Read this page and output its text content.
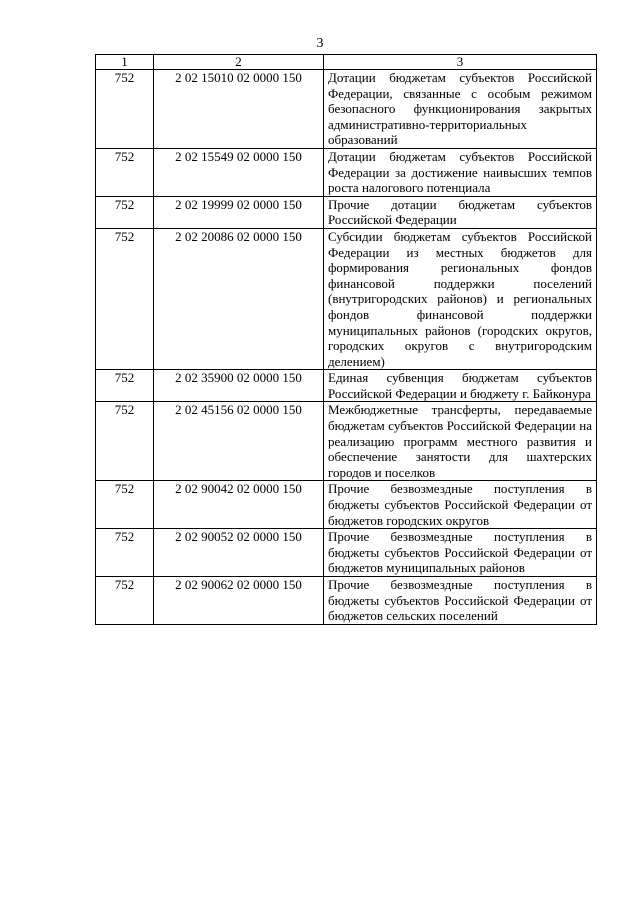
3
1	2	3
752	2 02 15010 02 0000 150	Дотации бюджетам субъектов Российской Федерации, связанные с особым режимом безопасного функционирования закрытых административно-территориальных образований
752	2 02 15549 02 0000 150	Дотации бюджетам субъектов Российской Федерации за достижение наивысших темпов роста налогового потенциала
752	2 02 19999 02 0000 150	Прочие дотации бюджетам субъектов Российской Федерации
752	2 02 20086 02 0000 150	Субсидии бюджетам субъектов Российской Федерации из местных бюджетов для формирования региональных фондов финансовой поддержки поселений (внутригородских районов) и региональных фондов финансовой поддержки муниципальных районов (городских округов, городских округов с внутригородским делением)
752	2 02 35900 02 0000 150	Единая субвенция бюджетам субъектов Российской Федерации и бюджету г. Байконура
752	2 02 45156 02 0000 150	Межбюджетные трансферты, передаваемые бюджетам субъектов Российской Федерации на реализацию программ местного развития и обеспечение занятости для шахтерских городов и поселков
752	2 02 90042 02 0000 150	Прочие безвозмездные поступления в бюджеты субъектов Российской Федерации от бюджетов городских округов
752	2 02 90052 02 0000 150	Прочие безвозмездные поступления в бюджеты субъектов Российской Федерации от бюджетов муниципальных районов
752	2 02 90062 02 0000 150	Прочие безвозмездные поступления в бюджеты субъектов Российской Федерации от бюджетов сельских поселений
